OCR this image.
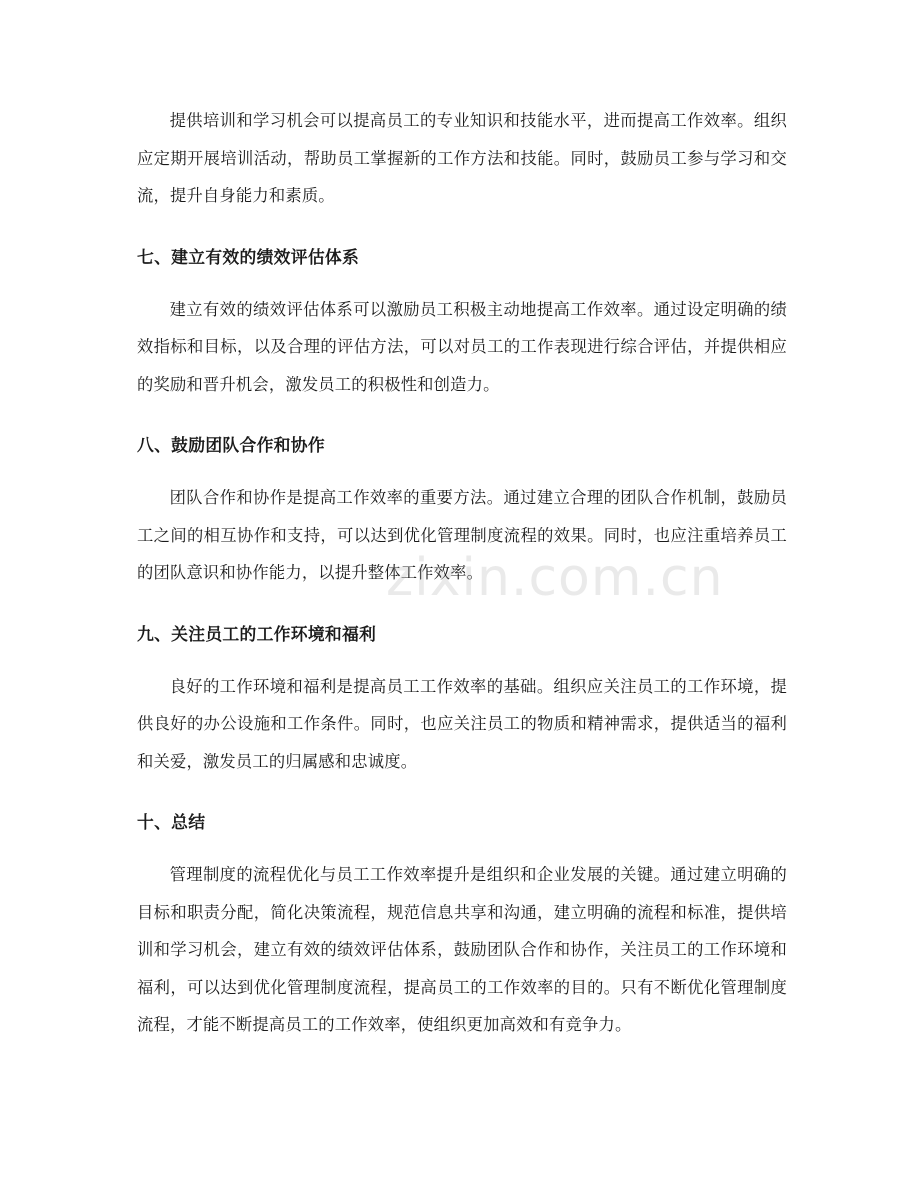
提供培训和学习机会可以提高员工的专业知识和技能水平，进而提高工作效率。组织应定期开展培训活动，帮助员工掌握新的工作方法和技能。同时，鼓励员工参与学习和交流，提升自身能力和素质。

七、建立有效的绩效评估体系

建立有效的绩效评估体系可以激励员工积极主动地提高工作效率。通过设定明确的绩效指标和目标，以及合理的评估方法，可以对员工的工作表现进行综合评估，并提供相应的奖励和晋升机会，激发员工的积极性和创造力。

八、鼓励团队合作和协作

团队合作和协作是提高工作效率的重要方法。通过建立合理的团队合作机制，鼓励员工之间的相互协作和支持，可以达到优化管理制度流程的效果。同时，也应注重培养员工的团队意识和协作能力，以提升整体工作效率。

九、关注员工的工作环境和福利

良好的工作环境和福利是提高员工工作效率的基础。组织应关注员工的工作环境，提供良好的办公设施和工作条件。同时，也应关注员工的物质和精神需求，提供适当的福利和关爱，激发员工的归属感和忠诚度。

十、总结

管理制度的流程优化与员工工作效率提升是组织和企业发展的关键。通过建立明确的目标和职责分配，简化决策流程，规范信息共享和沟通，建立明确的流程和标准，提供培训和学习机会，建立有效的绩效评估体系，鼓励团队合作和协作，关注员工的工作环境和福利，可以达到优化管理制度流程，提高员工的工作效率的目的。只有不断优化管理制度流程，才能不断提高员工的工作效率，使组织更加高效和有竞争力。

zixin.com.cn
